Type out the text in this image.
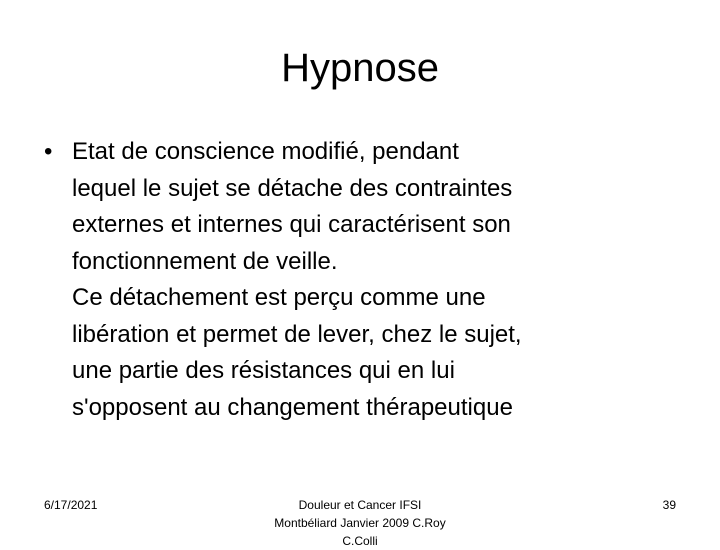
Hypnose
• Etat de conscience modifié, pendant
lequel le sujet se détache des contraintes
externes et internes qui caractérisent son
fonctionnement de veille.
Ce détachement est perçu comme une
libération et permet de lever, chez le sujet,
une partie des résistances qui en lui
s'opposent au changement thérapeutique
6/17/2021	Douleur et Cancer IFSI
Montbéliard Janvier 2009 C.Roy
C.Colli
39
